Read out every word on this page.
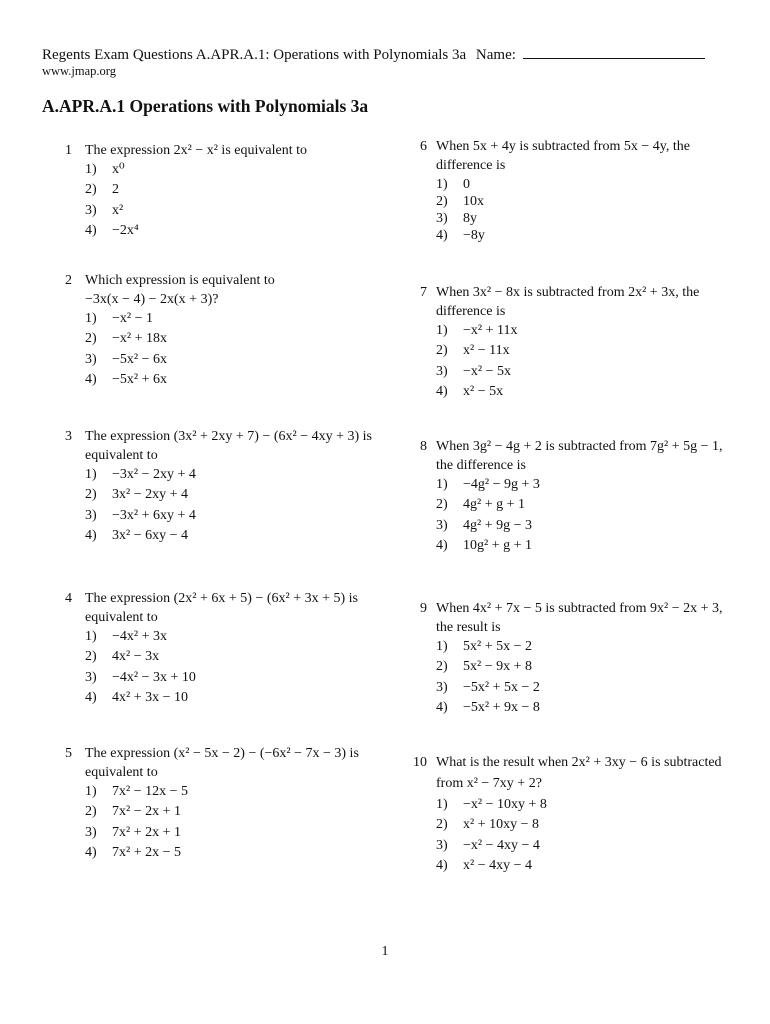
Regents Exam Questions A.APR.A.1: Operations with Polynomials 3a Name:
www.jmap.org
A.APR.A.1 Operations with Polynomials 3a
1 The expression 2x² − x² is equivalent to
1) x⁰
2) 2
3) x²
4) −2x⁴
2 Which expression is equivalent to
−3x(x − 4) − 2x(x + 3)?
1) −x² − 1
2) −x² + 18x
3) −5x² − 6x
4) −5x² + 6x
3 The expression (3x² + 2xy + 7) − (6x² − 4xy + 3) is
equivalent to
1) −3x² − 2xy + 4
2) 3x² − 2xy + 4
3) −3x² + 6xy + 4
4) 3x² − 6xy − 4
4 The expression (2x² + 6x + 5) − (6x² + 3x + 5) is
equivalent to
1) −4x² + 3x
2) 4x² − 3x
3) −4x² − 3x + 10
4) 4x² + 3x − 10
5 The expression (x² − 5x − 2) − (−6x² − 7x − 3) is
equivalent to
1) 7x² − 12x − 5
2) 7x² − 2x + 1
3) 7x² + 2x + 1
4) 7x² + 2x − 5
6 When 5x + 4y is subtracted from 5x − 4y, the
difference is
1) 0
2) 10x
3) 8y
4) −8y
7 When 3x² − 8x is subtracted from 2x² + 3x, the
difference is
1) −x² + 11x
2) x² − 11x
3) −x² − 5x
4) x² − 5x
8 When 3g² − 4g + 2 is subtracted from 7g² + 5g − 1,
the difference is
1) −4g² − 9g + 3
2) 4g² + g + 1
3) 4g² + 9g − 3
4) 10g² + g + 1
9 When 4x² + 7x − 5 is subtracted from 9x² − 2x + 3,
the result is
1) 5x² + 5x − 2
2) 5x² − 9x + 8
3) −5x² + 5x − 2
4) −5x² + 9x − 8
10 What is the result when 2x² + 3xy − 6 is subtracted
from x² − 7xy + 2?
1) −x² − 10xy + 8
2) x² + 10xy − 8
3) −x² − 4xy − 4
4) x² − 4xy − 4
1
